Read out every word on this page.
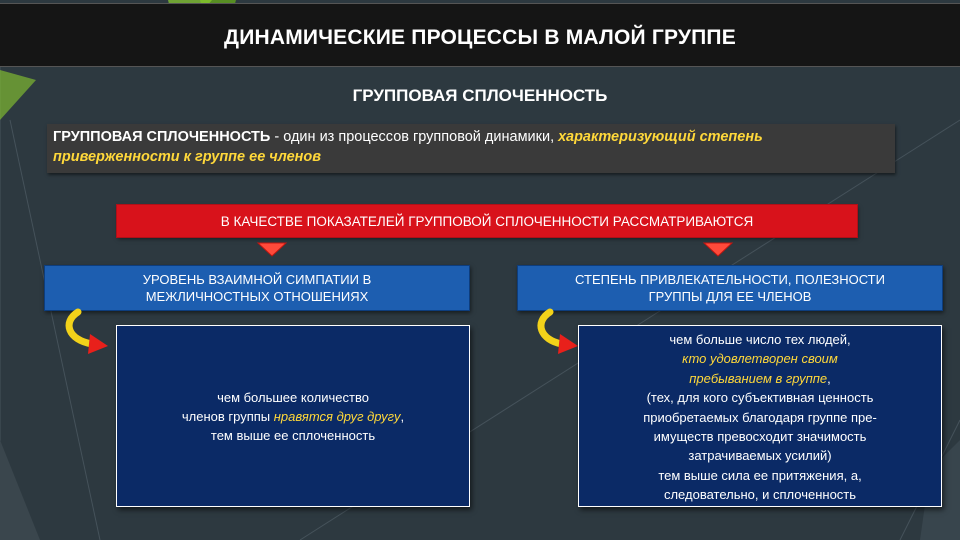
ДИНАМИЧЕСКИЕ ПРОЦЕССЫ В МАЛОЙ ГРУППЕ
ГРУППОВАЯ СПЛОЧЕННОСТЬ
ГРУППОВАЯ СПЛОЧЕННОСТЬ - один из процессов групповой динамики, характеризующий степень приверженности к группе ее членов
В КАЧЕСТВЕ ПОКАЗАТЕЛЕЙ ГРУППОВОЙ СПЛОЧЕННОСТИ РАССМАТРИВАЮТСЯ
УРОВЕНЬ ВЗАИМНОЙ СИМПАТИИ В
МЕЖЛИЧНОСТНЫХ ОТНОШЕНИЯХ
СТЕПЕНЬ ПРИВЛЕКАТЕЛЬНОСТИ, ПОЛЕЗНОСТИ
ГРУППЫ ДЛЯ ЕЕ ЧЛЕНОВ
чем большее количество
членов группы нравятся друг другу,
тем выше ее сплоченность
чем больше число тех людей,
кто удовлетворен своим
пребыванием в группе,
(тех, для кого субъективная ценность
приобретаемых благодаря группе пре-
имуществ превосходит значимость
затрачиваемых усилий)
тем выше сила ее притяжения, а,
следовательно, и сплоченность
